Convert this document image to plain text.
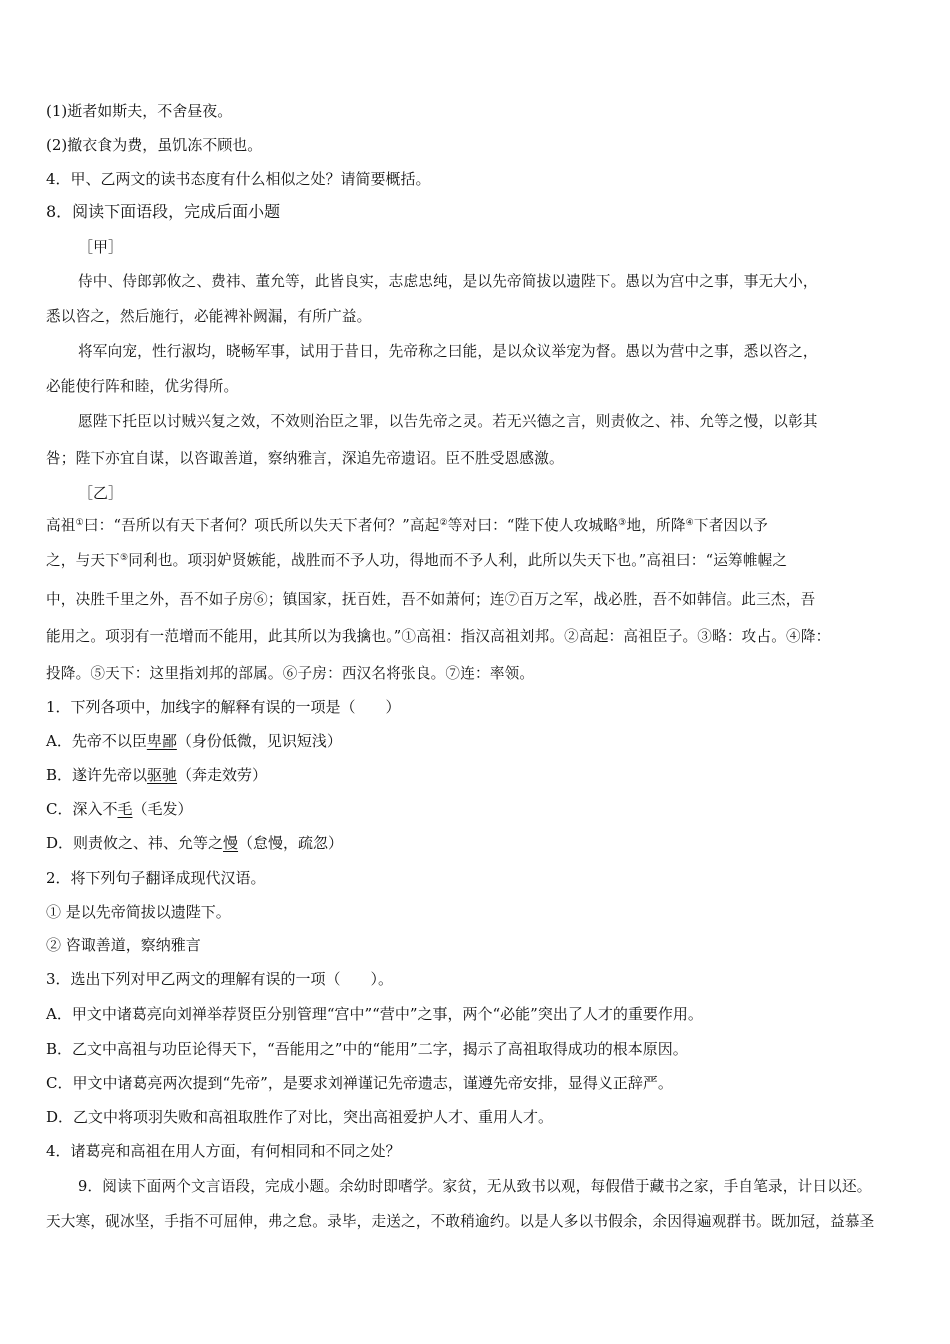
(1)逝者如斯夫，不舍昼夜。
(2)撤衣食为费，虽饥冻不顾也。
4．甲、乙两文的读书态度有什么相似之处？请简要概括。
8．阅读下面语段，完成后面小题
［甲］
侍中、侍郎郭攸之、费祎、董允等，此皆良实，志虑忠纯，是以先帝简拔以遗陛下。愚以为宫中之事，事无大小，
悉以咨之，然后施行，必能裨补阙漏，有所广益。
将军向宠，性行淑均，晓畅军事，试用于昔日，先帝称之曰能，是以众议举宠为督。愚以为营中之事，悉以咨之，
必能使行阵和睦，优劣得所。
愿陛下托臣以讨贼兴复之效，不效则治臣之罪，以告先帝之灵。若无兴德之言，则责攸之、祎、允等之慢，以彰其
咎；陛下亦宜自谋，以咨诹善道，察纳雅言，深追先帝遗诏。臣不胜受恩感激。
［乙］
高祖①曰：“吾所以有天下者何？项氏所以失天下者何？”高起②等对曰：“陛下使人攻城略③地，所降④下者因以予
之，与天下⑤同利也。项羽妒贤嫉能，战胜而不予人功，得地而不予人利，此所以失天下也。”高祖曰：“运筹帷幄之
中，决胜千里之外，吾不如子房⑥；镇国家，抚百姓，吾不如萧何；连⑦百万之军，战必胜，吾不如韩信。此三杰，吾
能用之。项羽有一范增而不能用，此其所以为我擒也。”①高祖：指汉高祖刘邦。②高起：高祖臣子。③略：攻占。④降：
投降。⑤天下：这里指刘邦的部属。⑥子房：西汉名将张良。⑦连：率领。
1．下列各项中，加线字的解释有误的一项是（　　）
A．先帝不以臣卑鄙（身份低微，见识短浅）
B．遂许先帝以驱驰（奔走效劳）
C．深入不毛（毛发）
D．则责攸之、祎、允等之慢（怠慢，疏忽）
2．将下列句子翻译成现代汉语。
① 是以先帝简拔以遗陛下。
② 咨诹善道，察纳雅言
3．选出下列对甲乙两文的理解有误的一项（　　）。
A．甲文中诸葛亮向刘禅举荐贤臣分别管理“宫中”“营中”之事，两个“必能”突出了人才的重要作用。
B．乙文中高祖与功臣论得天下，“吾能用之”中的“能用”二字，揭示了高祖取得成功的根本原因。
C．甲文中诸葛亮两次提到“先帝”，是要求刘禅谨记先帝遗志，谨遵先帝安排，显得义正辞严。
D．乙文中将项羽失败和高祖取胜作了对比，突出高祖爱护人才、重用人才。
4．诸葛亮和高祖在用人方面，有何相同和不同之处？
9．阅读下面两个文言语段，完成小题。余幼时即嗜学。家贫，无从致书以观，每假借于藏书之家，手自笔录，计日以还。
天大寒，砚冰坚，手指不可屈伸，弗之怠。录毕，走送之，不敢稍逾约。以是人多以书假余，余因得遍观群书。既加冠，益慕圣
